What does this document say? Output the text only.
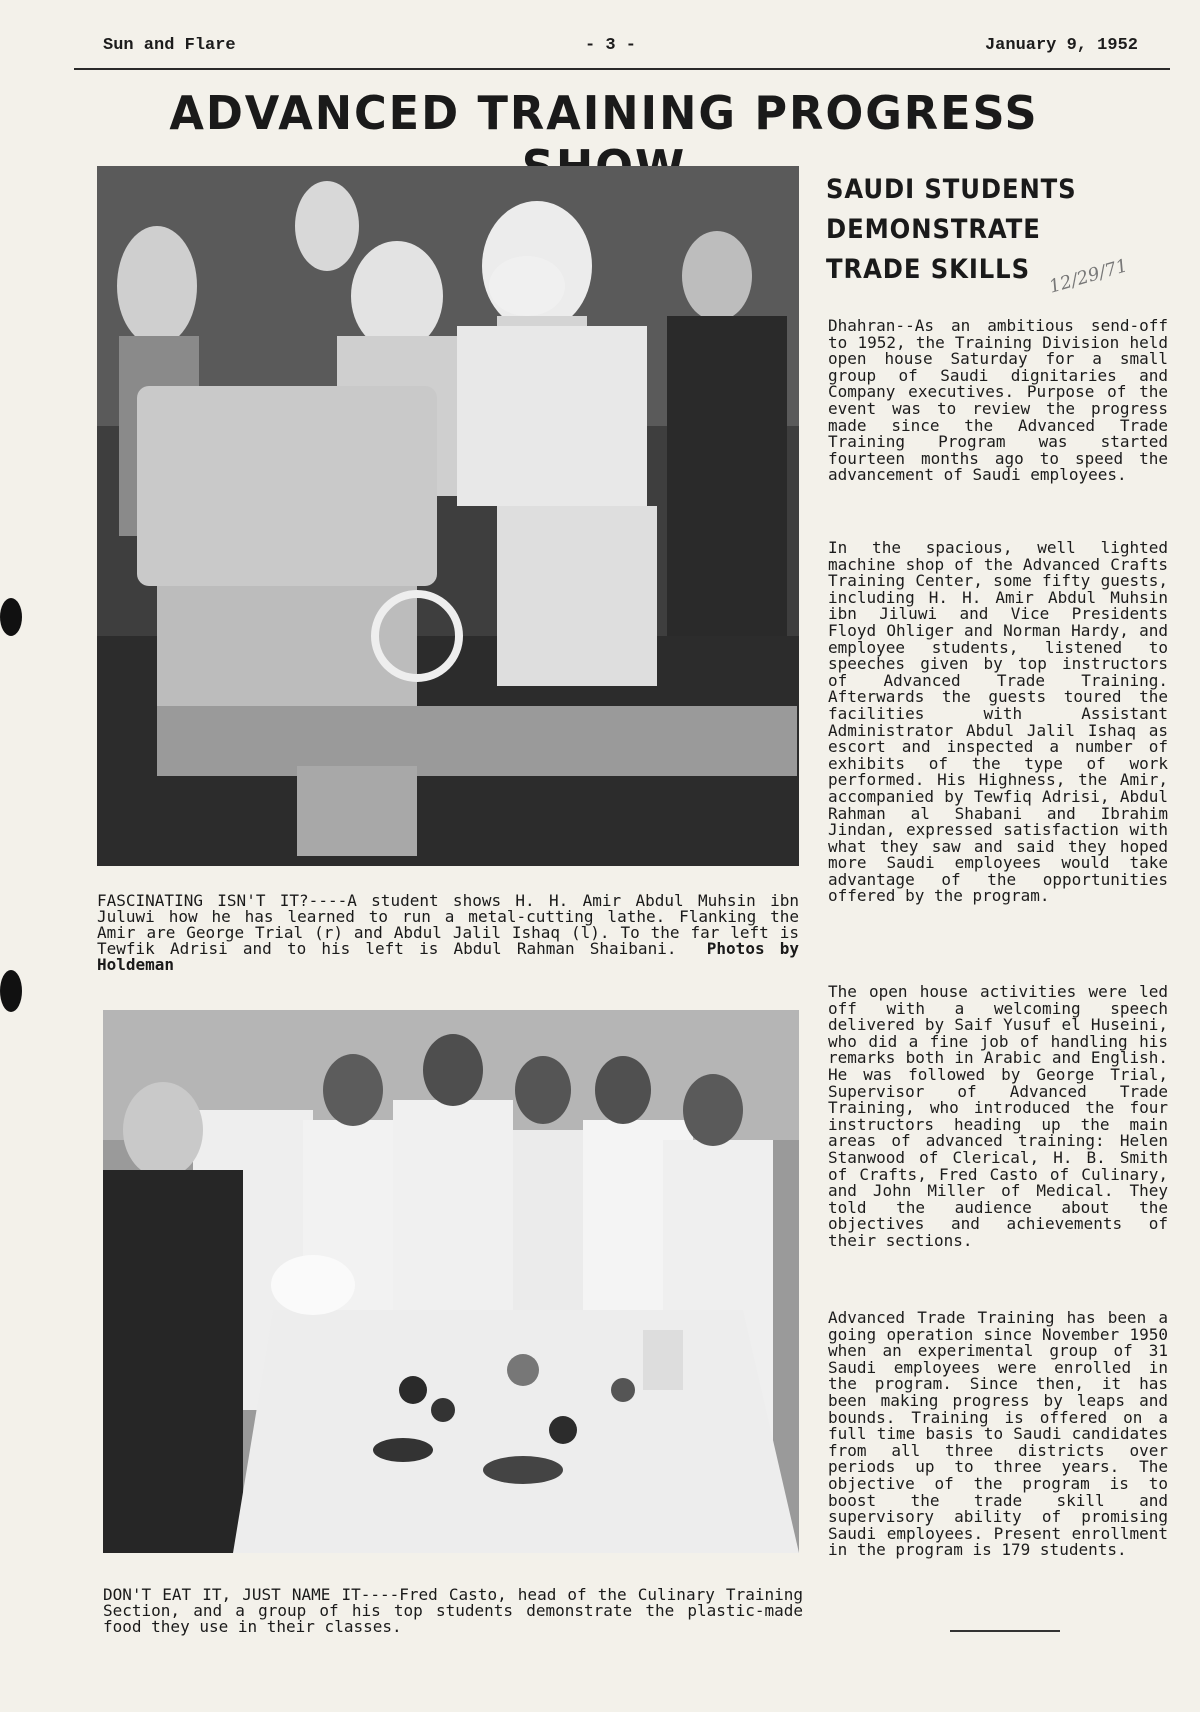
Sun and Flare	- 3 -	January 9, 1952
ADVANCED TRAINING PROGRESS
FASCINATING ISN'T IT?----A student shows H. H. Amir Abdul Muhsin ibn Juluwi how he has learned to run a metal-cutting lathe. Flanking the Amir are George Trial (r) and Abdul Jalil Ishaq (l). To the far left is Tewfik Adrisi and to his left is Abdul Rahman Shaibani. Photos by Holdeman
DON'T EAT IT, JUST NAME IT----Fred Casto, head of the Culinary Training Section, and a group of his top students demonstrate the plastic-made food they use in their classes.
SAUDI STUDENTS
DEMONSTRATE
TRADE SKILLS 12/29/71

Dhahran--As an ambitious send-off to 1952, the Training Division held open house Saturday for a small group of Saudi dignitaries and Company executives. Purpose of the event was to review the progress made since the Advanced Trade Training Program was started fourteen months ago to speed the advancement of Saudi employees.

In the spacious, well lighted machine shop of the Advanced Crafts Training Center, some fifty guests, including H. H. Amir Abdul Muhsin ibn Jiluwi and Vice Presidents Floyd Ohliger and Norman Hardy, and employee students, listened to speeches given by top instructors of Advanced Trade Training. Afterwards the guests toured the facilities with Assistant Administrator Abdul Jalil Ishaq as escort and inspected a number of exhibits of the type of work performed. His Highness, the Amir, accompanied by Tewfiq Adrisi, Abdul Rahman al Shabani and Ibrahim Jindan, expressed satisfaction with what they saw and said they hoped more Saudi employees would take advantage of the opportunities offered by the program.

The open house activities were led off with a welcoming speech delivered by Saif Yusuf el Huseini, who did a fine job of handling his remarks both in Arabic and English. He was followed by George Trial, Supervisor of Advanced Trade Training, who introduced the four instructors heading up the main areas of advanced training: Helen Stanwood of Clerical, H. B. Smith of Crafts, Fred Casto of Culinary, and John Miller of Medical. They told the audience about the objectives and achievements of their sections.

Advanced Trade Training has been a going operation since November 1950 when an experimental group of 31 Saudi employees were enrolled in the program. Since then, it has been making progress by leaps and bounds. Training is offered on a full time basis to Saudi candidates from all three districts over periods up to three years. The objective of the program is to boost the trade skill and supervisory ability of promising Saudi employees. Present enrollment in the program is 179 students.
